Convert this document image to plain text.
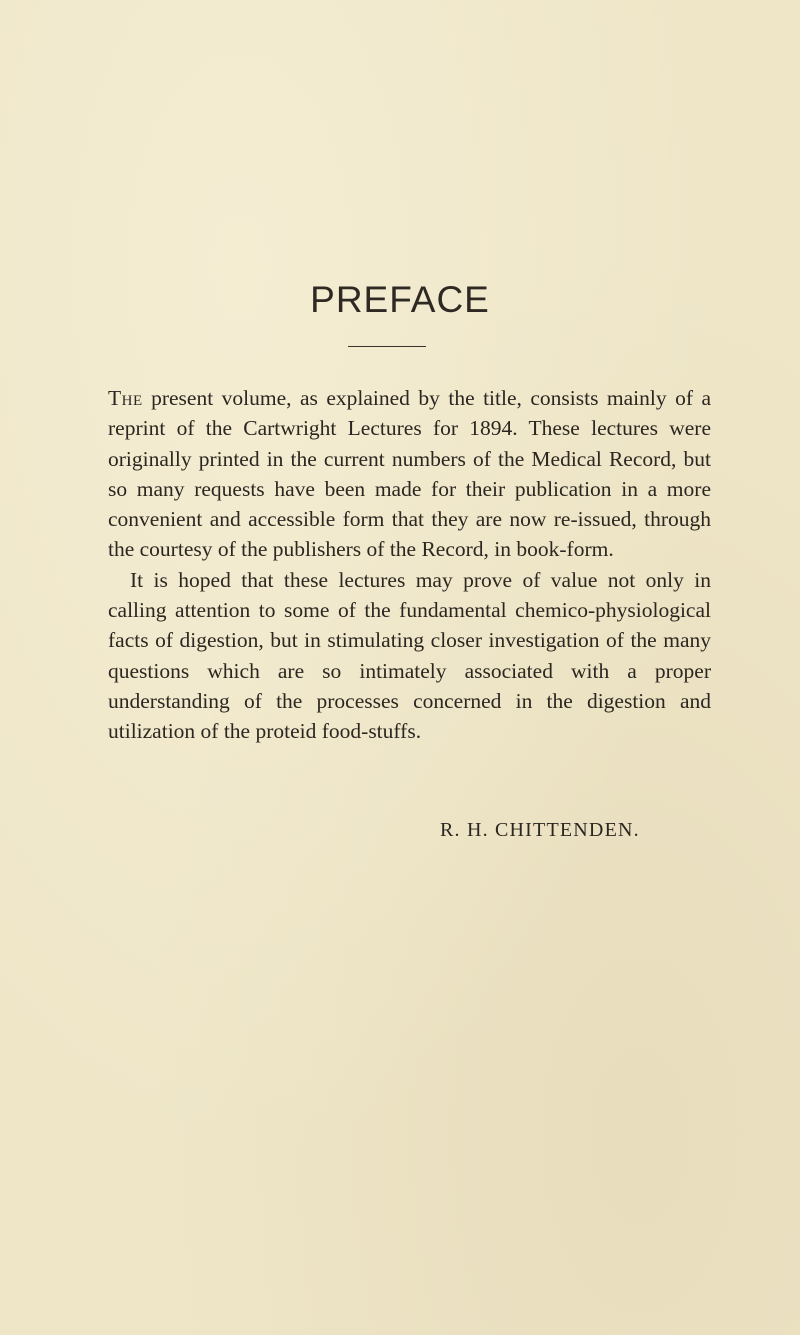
PREFACE

The present volume, as explained by the title, consists mainly of a reprint of the Cartwright Lectures for 1894. These lectures were originally printed in the current numbers of the Medical Record, but so many requests have been made for their publication in a more convenient and accessible form that they are now re-issued, through the courtesy of the publishers of the Record, in book-form.

It is hoped that these lectures may prove of value not only in calling attention to some of the fundamental chemico-physiological facts of digestion, but in stimulating closer investigation of the many questions which are so intimately associated with a proper understanding of the processes concerned in the digestion and utilization of the proteid food-stuffs.

R. H. CHITTENDEN.
